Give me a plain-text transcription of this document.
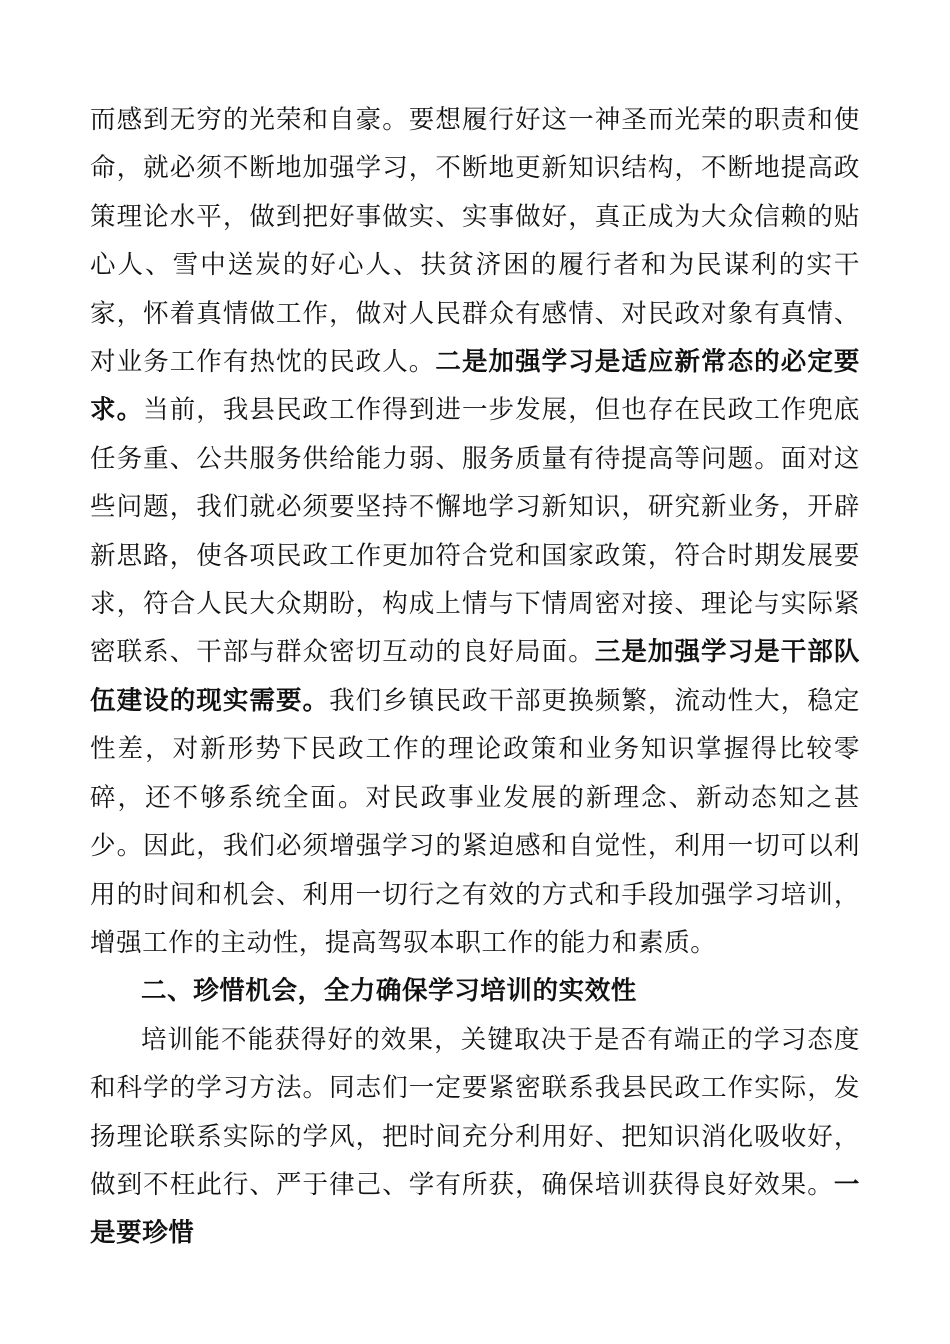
而感到无穷的光荣和自豪。要想履行好这一神圣而光荣的职责和使命，就必须不断地加强学习，不断地更新知识结构，不断地提高政策理论水平，做到把好事做实、实事做好，真正成为大众信赖的贴心人、雪中送炭的好心人、扶贫济困的履行者和为民谋利的实干家，怀着真情做工作，做对人民群众有感情、对民政对象有真情、对业务工作有热忱的民政人。二是加强学习是适应新常态的必定要求。当前，我县民政工作得到进一步发展，但也存在民政工作兜底任务重、公共服务供给能力弱、服务质量有待提高等问题。面对这些问题，我们就必须要坚持不懈地学习新知识，研究新业务，开辟新思路，使各项民政工作更加符合党和国家政策，符合时期发展要求，符合人民大众期盼，构成上情与下情周密对接、理论与实际紧密联系、干部与群众密切互动的良好局面。三是加强学习是干部队伍建设的现实需要。我们乡镇民政干部更换频繁，流动性大，稳定性差，对新形势下民政工作的理论政策和业务知识掌握得比较零碎，还不够系统全面。对民政事业发展的新理念、新动态知之甚少。因此，我们必须增强学习的紧迫感和自觉性，利用一切可以利用的时间和机会、利用一切行之有效的方式和手段加强学习培训，增强工作的主动性，提高驾驭本职工作的能力和素质。

二、珍惜机会，全力确保学习培训的实效性

培训能不能获得好的效果，关键取决于是否有端正的学习态度和科学的学习方法。同志们一定要紧密联系我县民政工作实际，发扬理论联系实际的学风，把时间充分利用好、把知识消化吸收好，做到不枉此行、严于律己、学有所获，确保培训获得良好效果。一是要珍惜
